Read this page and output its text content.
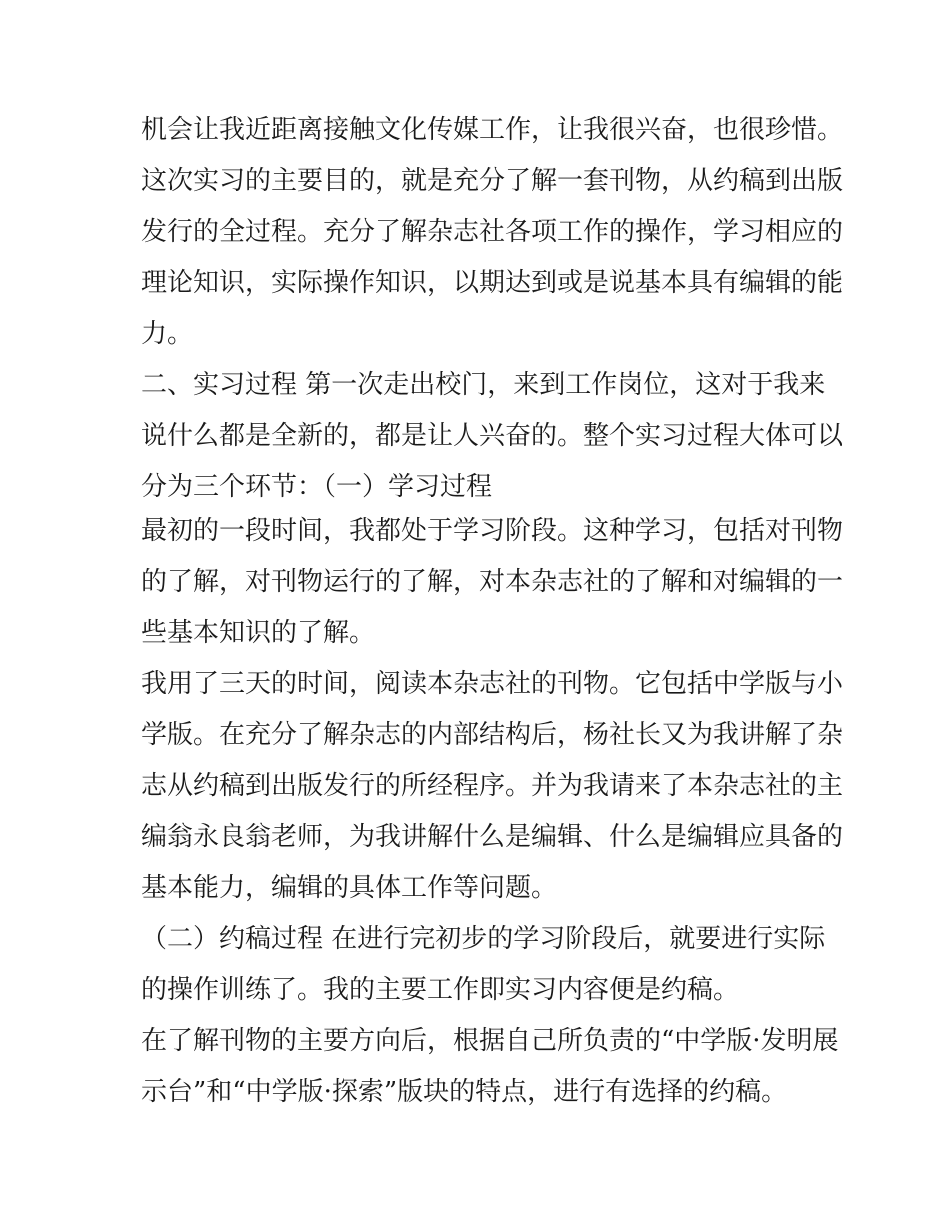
机会让我近距离接触文化传媒工作，让我很兴奋，也很珍惜。
这次实习的主要目的，就是充分了解一套刊物，从约稿到出版
发行的全过程。充分了解杂志社各项工作的操作，学习相应的
理论知识，实际操作知识，以期达到或是说基本具有编辑的能
力。
二、实习过程 第一次走出校门，来到工作岗位，这对于我来
说什么都是全新的，都是让人兴奋的。整个实习过程大体可以
分为三个环节：（一）学习过程
最初的一段时间，我都处于学习阶段。这种学习，包括对刊物
的了解，对刊物运行的了解，对本杂志社的了解和对编辑的一
些基本知识的了解。
我用了三天的时间，阅读本杂志社的刊物。它包括中学版与小
学版。在充分了解杂志的内部结构后，杨社长又为我讲解了杂
志从约稿到出版发行的所经程序。并为我请来了本杂志社的主
编翁永良翁老师，为我讲解什么是编辑、什么是编辑应具备的
基本能力，编辑的具体工作等问题。
（二）约稿过程 在进行完初步的学习阶段后，就要进行实际
的操作训练了。我的主要工作即实习内容便是约稿。
在了解刊物的主要方向后，根据自己所负责的“中学版·发明展
示台”和“中学版·探索”版块的特点，进行有选择的约稿。
